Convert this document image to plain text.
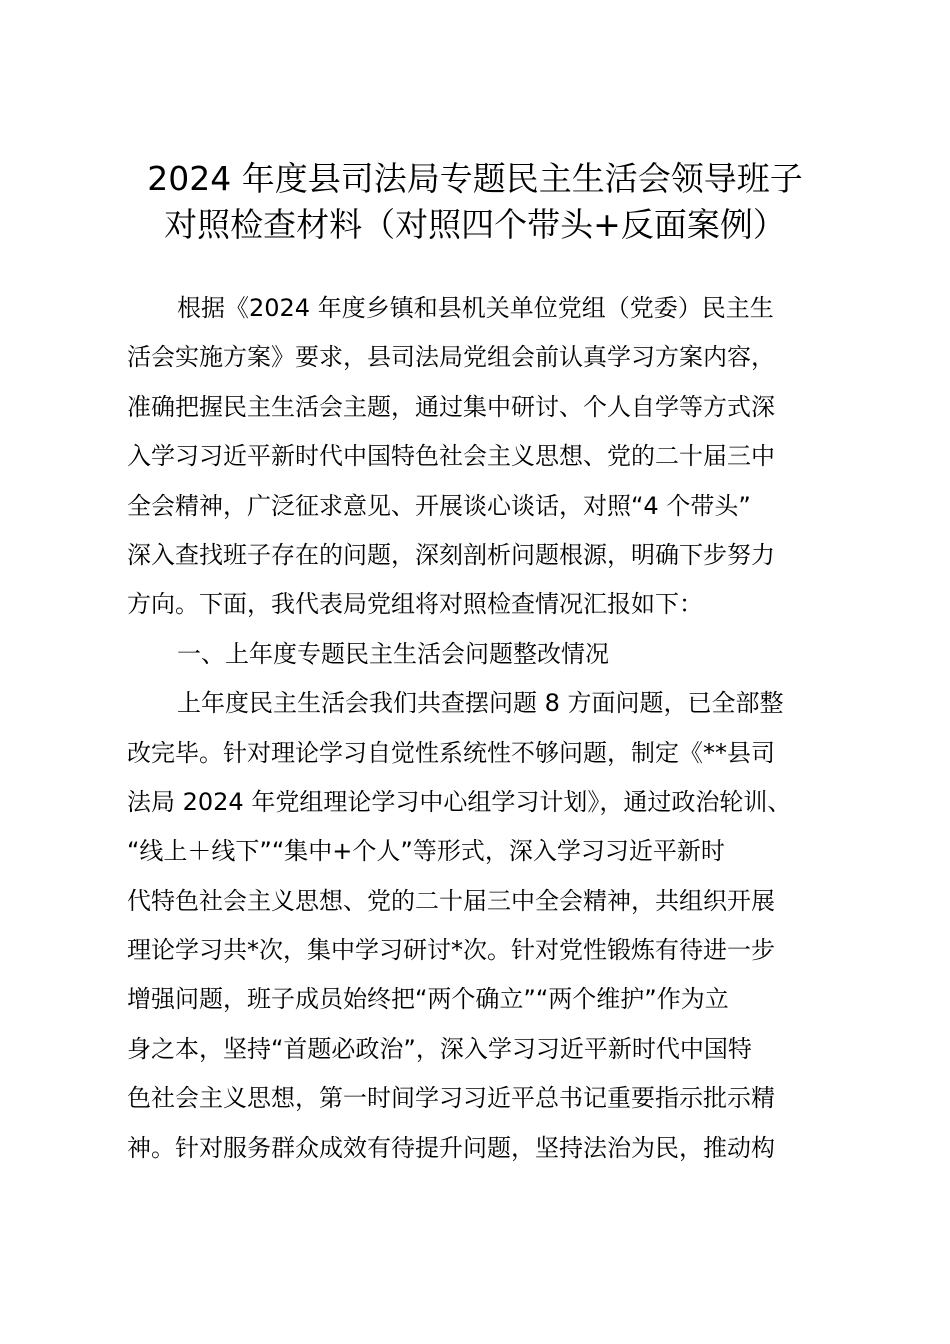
2024 年度县司法局专题民主生活会领导班子
对照检查材料（对照四个带头+反面案例）
根据《2024 年度乡镇和县机关单位党组（党委）民主生
活会实施方案》要求，县司法局党组会前认真学习方案内容，
准确把握民主生活会主题，通过集中研讨、个人自学等方式深
入学习习近平新时代中国特色社会主义思想、党的二十届三中
全会精神，广泛征求意见、开展谈心谈话，对照“4 个带头”
深入查找班子存在的问题，深刻剖析问题根源，明确下步努力
方向。下面，我代表局党组将对照检查情况汇报如下：
一、上年度专题民主生活会问题整改情况
上年度民主生活会我们共查摆问题 8 方面问题，已全部整
改完毕。针对理论学习自觉性系统性不够问题，制定《**县司
法局 2024 年党组理论学习中心组学习计划》，通过政治轮训、
“线上＋线下”“集中+个人”等形式，深入学习习近平新时
代特色社会主义思想、党的二十届三中全会精神，共组织开展
理论学习共*次，集中学习研讨*次。针对党性锻炼有待进一步
增强问题，班子成员始终把“两个确立”“两个维护”作为立
身之本，坚持“首题必政治”，深入学习习近平新时代中国特
色社会主义思想，第一时间学习习近平总书记重要指示批示精
神。针对服务群众成效有待提升问题，坚持法治为民，推动构
